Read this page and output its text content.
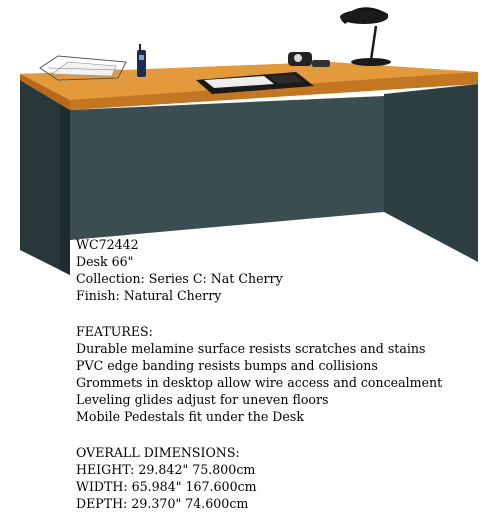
WC72442
Desk 66"
Collection: Series C: Nat Cherry
Finish: Natural Cherry
FEATURES:
Durable melamine surface resists scratches and stains
PVC edge banding resists bumps and collisions
Grommets in desktop allow wire access and concealment
Leveling glides adjust for uneven floors
Mobile Pedestals fit under the Desk
OVERALL DIMENSIONS:
HEIGHT: 29.842" 75.800cm
WIDTH: 65.984" 167.600cm
DEPTH: 29.370" 74.600cm
